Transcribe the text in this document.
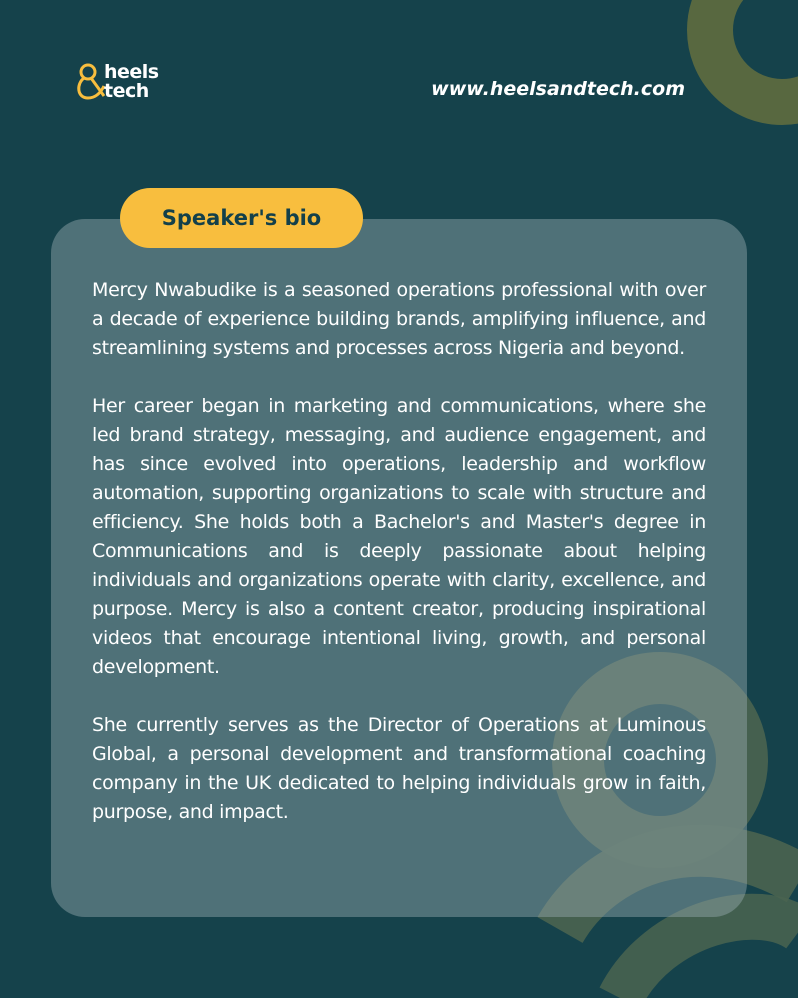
heels
tech	www.heelsandtech.com
Speaker's bio

Mercy Nwabudike is a seasoned operations professional with over a decade of experience building brands, amplifying influence, and streamlining systems and processes across Nigeria and beyond.

Her career began in marketing and communications, where she led brand strategy, messaging, and audience engagement, and has since evolved into operations, leadership and workflow automation, supporting organizations to scale with structure and efficiency. She holds both a Bachelor's and Master's degree in Communications and is deeply passionate about helping individuals and organizations operate with clarity, excellence, and purpose. Mercy is also a content creator, producing inspirational videos that encourage intentional living, growth, and personal development.

She currently serves as the Director of Operations at Luminous Global, a personal development and transformational coaching company in the UK dedicated to helping individuals grow in faith, purpose, and impact.
